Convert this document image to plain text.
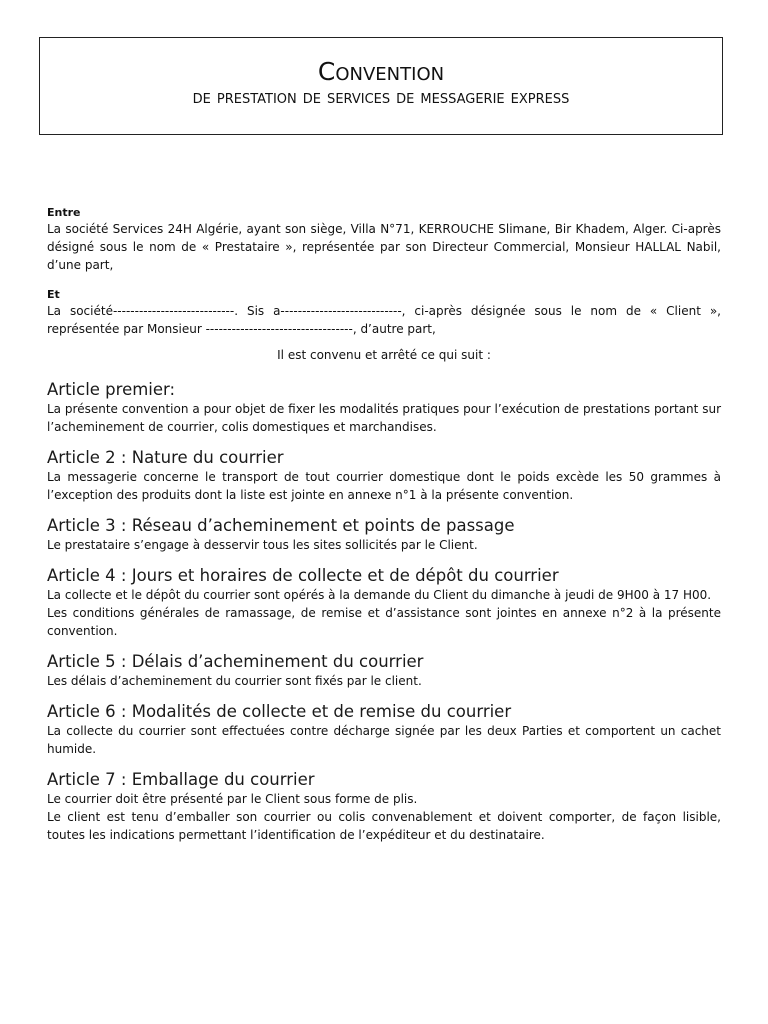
Convention
de prestation de services de messagerie express

Entre

La société Services 24H Algérie, ayant son siège, Villa N°71, KERROUCHE Slimane, Bir Khadem, Alger. Ci-après désigné sous le nom de « Prestataire », représentée par son Directeur Commercial, Monsieur HALLAL Nabil, d’une part,

Et

La société----------------------------. Sis a----------------------------, ci-après désignée sous le nom de « Client », représentée par Monsieur ----------------------------------, d’autre part,

Il est convenu et arrêté ce qui suit :

Article premier:

La présente convention a pour objet de fixer les modalités pratiques pour l’exécution de prestations portant sur l’acheminement de courrier, colis domestiques et marchandises.

Article 2 : Nature du courrier

La messagerie concerne le transport de tout courrier domestique dont le poids excède les 50 grammes à l’exception des produits dont la liste est jointe en annexe n°1 à la présente convention.

Article 3 : Réseau d’acheminement et points de passage

Le prestataire s’engage à desservir tous les sites sollicités par le Client.

Article 4 : Jours et horaires de collecte et de dépôt du courrier

La collecte et le dépôt du courrier sont opérés à la demande du Client du dimanche à jeudi de 9H00 à 17 H00.

Les conditions générales de ramassage, de remise et d’assistance sont jointes en annexe n°2 à la présente convention.

Article 5 : Délais d’acheminement du courrier

Les délais d’acheminement du courrier sont fixés par le client.

Article 6 : Modalités de collecte et de remise du courrier

La collecte du courrier sont effectuées contre décharge signée par les deux Parties et comportent un cachet humide.

Article 7 : Emballage du courrier

Le courrier doit être présenté par le Client sous forme de plis.

Le client est tenu d’emballer son courrier ou colis convenablement et doivent comporter, de façon lisible, toutes les indications permettant l’identification de l’expéditeur et du destinataire.
